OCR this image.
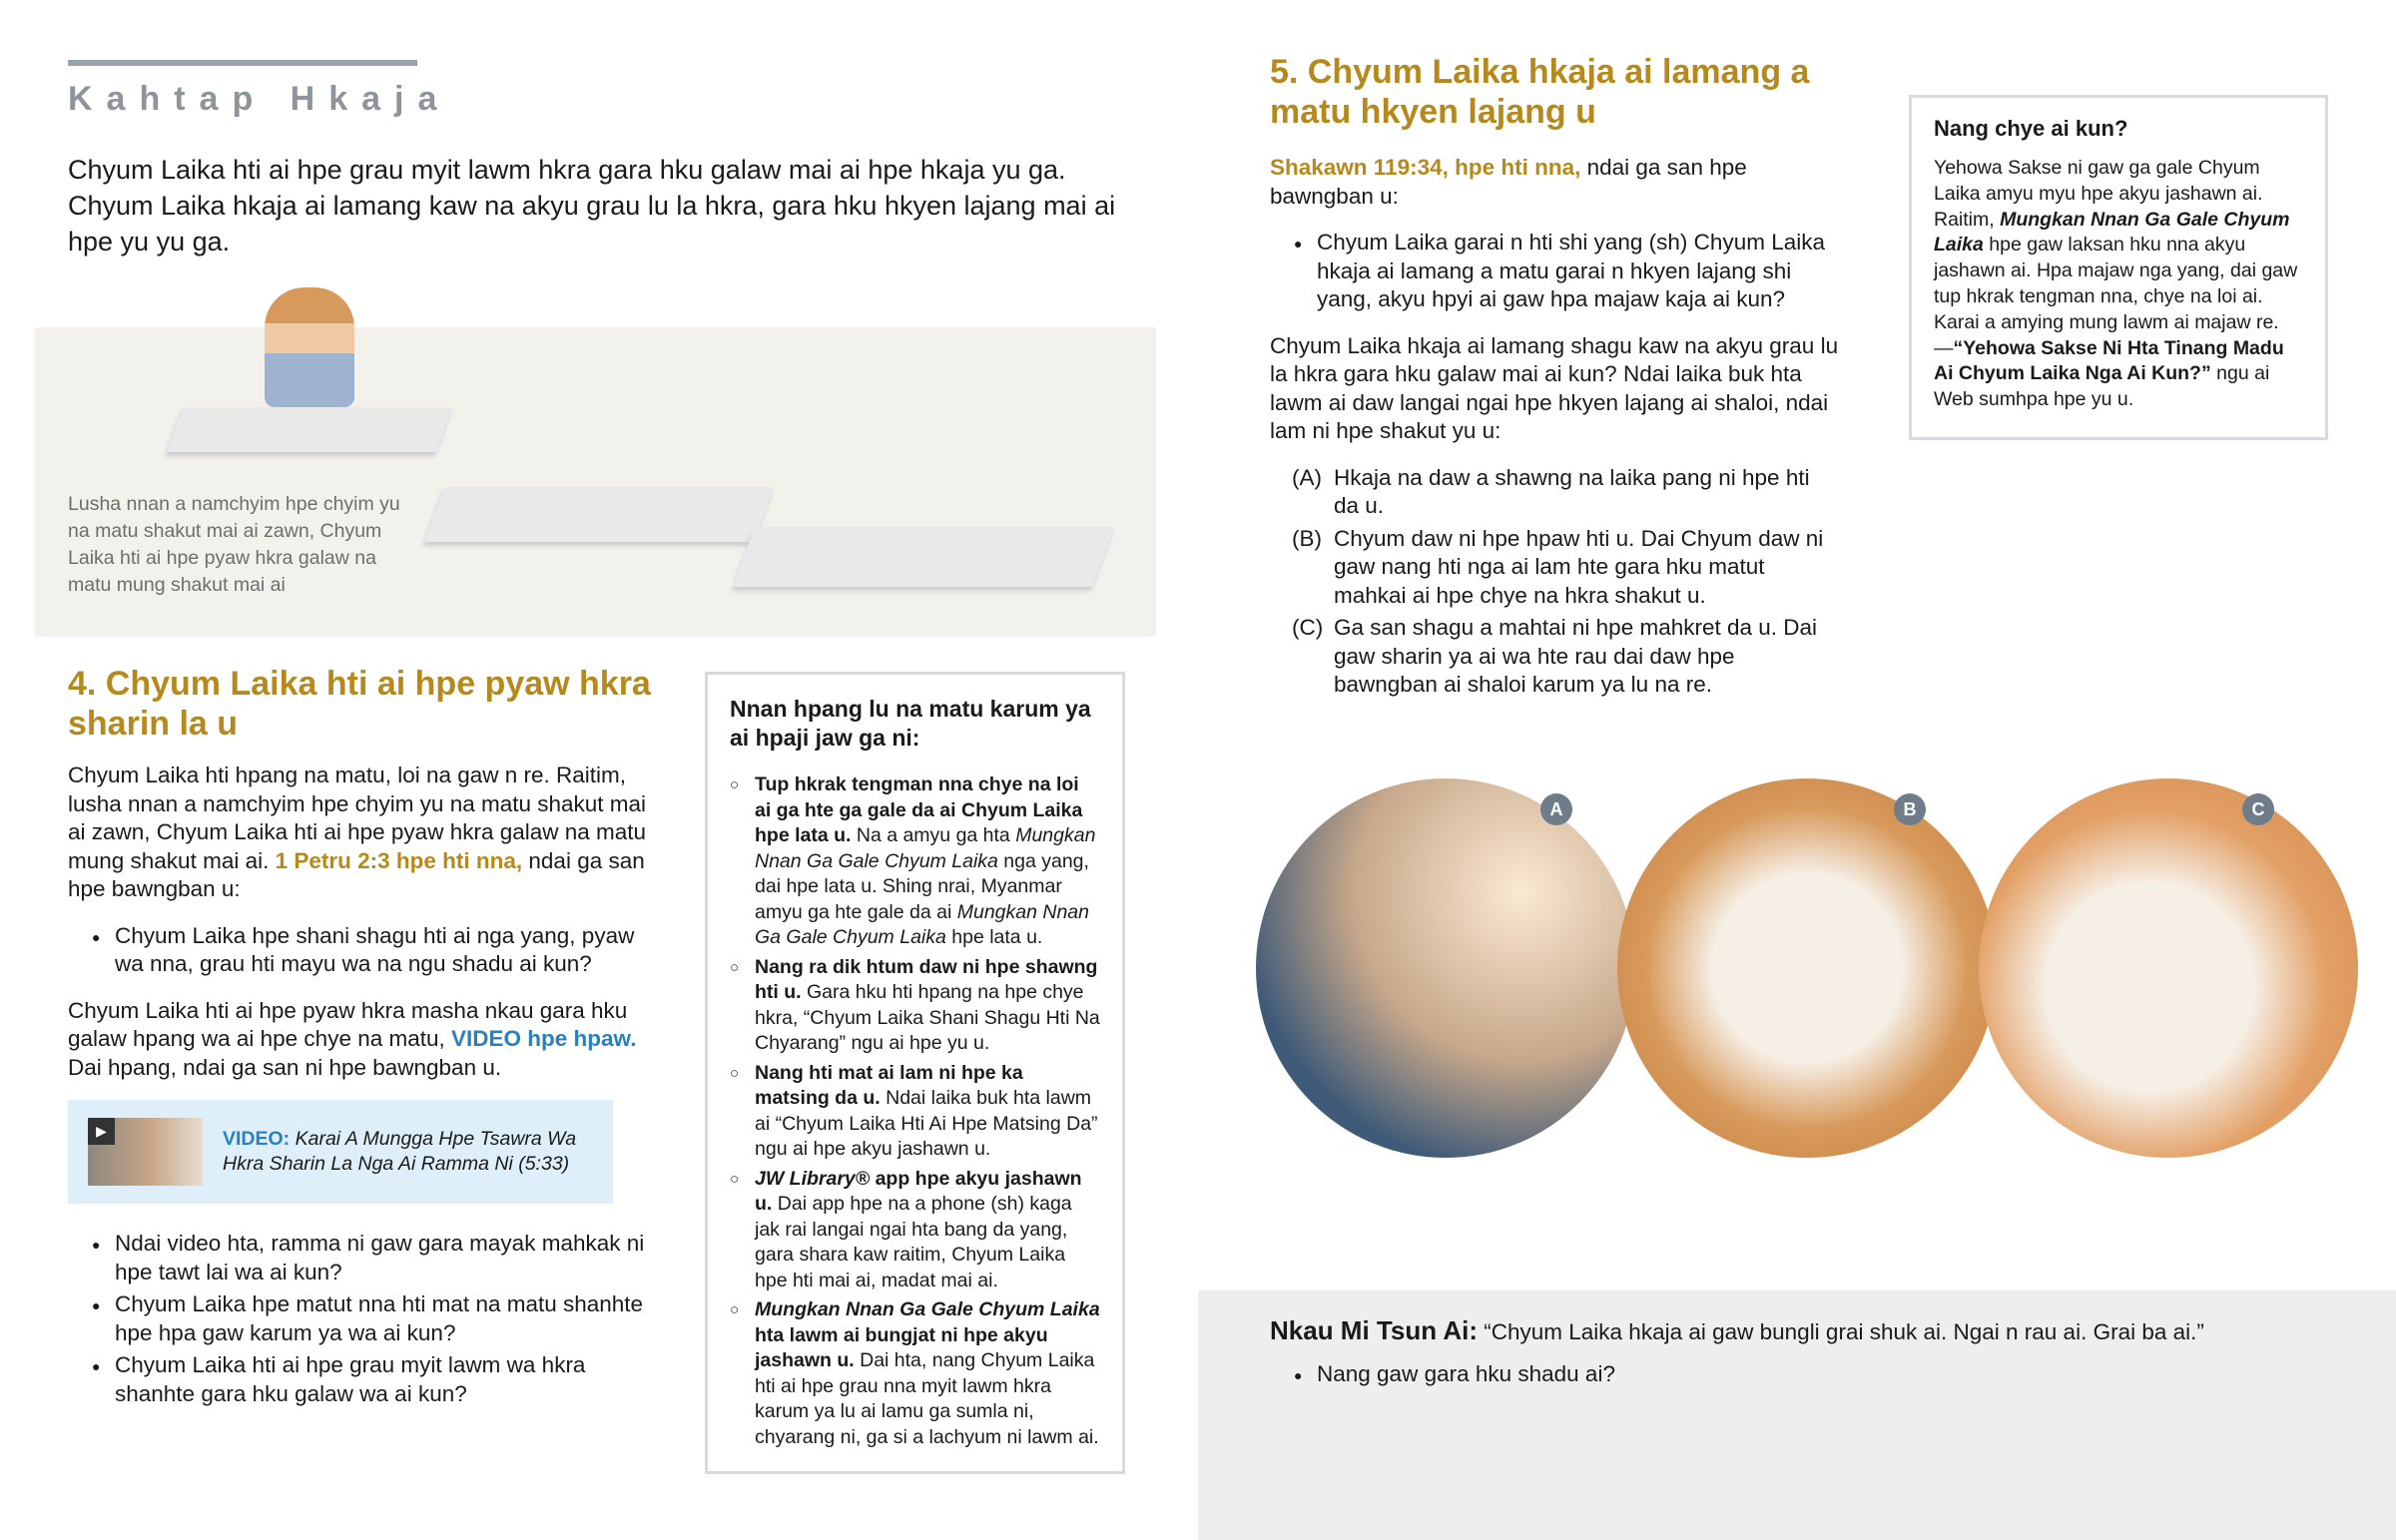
Kahtap Hkaja
Chyum Laika hti ai hpe grau myit lawm hkra gara hku galaw mai ai hpe hkaja yu ga. Chyum Laika hkaja ai lamang kaw na akyu grau lu la hkra, gara hku hkyen lajang mai ai hpe yu yu ga.
Lusha nnan a namchyim hpe chyim yu na matu shakut mai ai zawn, Chyum Laika hti ai hpe pyaw hkra galaw na matu mung shakut mai ai
4. Chyum Laika hti ai hpe pyaw hkra sharin la u

Chyum Laika hti hpang na matu, loi na gaw n re. Raitim, lusha nnan a namchyim hpe chyim yu na matu shakut mai ai zawn, Chyum Laika hti ai hpe pyaw hkra galaw na matu mung shakut mai ai. 1 Petru 2:3 hpe hti nna, ndai ga san hpe bawngban u:

● Chyum Laika hpe shani shagu hti ai nga yang, pyaw wa nna, grau hti mayu wa na ngu shadu ai kun?

Chyum Laika hti ai hpe pyaw hkra masha nkau gara hku galaw hpang wa ai hpe chye na matu, VIDEO hpe hpaw. Dai hpang, ndai ga san ni hpe bawngban u.

▶	VIDEO: Karai A Mungga Hpe Tsawra Wa Hkra Sharin La Nga Ai Ramma Ni (5:33)
● Ndai video hta, ramma ni gaw gara mayak mahkak ni hpe tawt lai wa ai kun?
● Chyum Laika hpe matut nna hti mat na matu shanhte hpe hpa gaw karum ya wa ai kun?
● Chyum Laika hti ai hpe grau myit lawm wa hkra shanhte gara hku galaw wa ai kun?
Nnan hpang lu na matu karum ya ai hpaji jaw ga ni:
○ Tup hkrak tengman nna chye na loi ai ga hte ga gale da ai Chyum Laika hpe lata u. Na a amyu ga hta Mungkan Nnan Ga Gale Chyum Laika nga yang, dai hpe lata u. Shing nrai, Myanmar amyu ga hte gale da ai Mungkan Nnan Ga Gale Chyum Laika hpe lata u.
○ Nang ra dik htum daw ni hpe shawng hti u. Gara hku hti hpang na hpe chye hkra, “Chyum Laika Shani Shagu Hti Na Chyarang” ngu ai hpe yu u.
○ Nang hti mat ai lam ni hpe ka matsing da u. Ndai laika buk hta lawm ai “Chyum Laika Hti Ai Hpe Matsing Da” ngu ai hpe akyu jashawn u.
○ JW Library® app hpe akyu jashawn u. Dai app hpe na a phone (sh) kaga jak rai langai ngai hta bang da yang, gara shara kaw raitim, Chyum Laika hpe hti mai ai, madat mai ai.
○ Mungkan Nnan Ga Gale Chyum Laika hta lawm ai bungjat ni hpe akyu jashawn u. Dai hta, nang Chyum Laika hti ai hpe grau nna myit lawm hkra karum ya lu ai lamu ga sumla ni, chyarang ni, ga si a lachyum ni lawm ai.
5. Chyum Laika hkaja ai lamang a matu hkyen lajang u

Shakawn 119:34, hpe hti nna, ndai ga san hpe bawngban u:

● Chyum Laika garai n hti shi yang (sh) Chyum Laika hkaja ai lamang a matu garai n hkyen lajang shi yang, akyu hpyi ai gaw hpa majaw kaja ai kun?

Chyum Laika hkaja ai lamang shagu kaw na akyu grau lu la hkra gara hku galaw mai ai kun? Ndai laika buk hta lawm ai daw langai ngai hpe hkyen lajang ai shaloi, ndai lam ni hpe shakut yu u:

(A) Hkaja na daw a shawng na laika pang ni hpe hti da u.
(B) Chyum daw ni hpe hpaw hti u. Dai Chyum daw ni gaw nang hti nga ai lam hte gara hku matut mahkai ai hpe chye na hkra shakut u.
(C) Ga san shagu a mahtai ni hpe mahkret da u. Dai gaw sharin ya ai wa hte rau dai daw hpe bawngban ai shaloi karum ya lu na re.
Nang chye ai kun?

Yehowa Sakse ni gaw ga gale Chyum Laika amyu myu hpe akyu jashawn ai. Raitim, Mungkan Nnan Ga Gale Chyum Laika hpe gaw laksan hku nna akyu jashawn ai. Hpa majaw nga yang, dai gaw tup hkrak tengman nna, chye na loi ai. Karai a amying mung lawm ai majaw re. —“Yehowa Sakse Ni Hta Tinang Madu Ai Chyum Laika Nga Ai Kun?” ngu ai Web sumhpa hpe yu u.

A	B	C
Nkau Mi Tsun Ai: “Chyum Laika hkaja ai gaw bungli grai shuk ai. Ngai n rau ai. Grai ba ai.”
● Nang gaw gara hku shadu ai?
